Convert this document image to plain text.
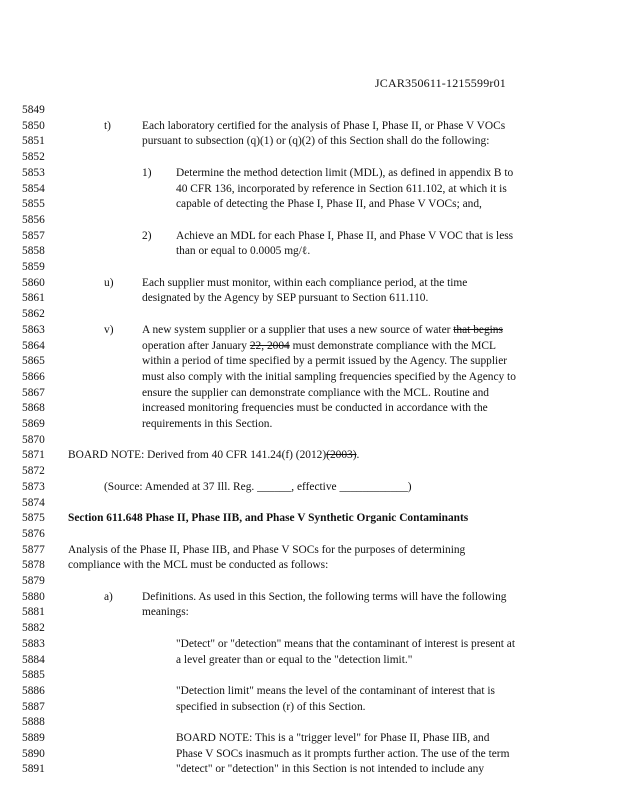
JCAR350611-1215599r01
5849
5850
5851
5852
5853
5854
5855
5856
5857
5858
5859
5860
5861
5862
5863
5864
5865
5866
5867
5868
5869
5870
5871
5872
5873
5874
5875
5876
5877
5878
5879
5880
5881
5882
5883
5884
5885
5886
5887
5888
5889
5890
5891
t)	Each laboratory certified for the analysis of Phase I, Phase II, or Phase V VOCs
pursuant to subsection (q)(1) or (q)(2) of this Section shall do the following:
1) Determine the method detection limit (MDL), as defined in appendix B to
40 CFR 136, incorporated by reference in Section 611.102, at which it is
capable of detecting the Phase I, Phase II, and Phase V VOCs; and,
2) Achieve an MDL for each Phase I, Phase II, and Phase V VOC that is less
than or equal to 0.0005 mg/ℓ.
u)	Each supplier must monitor, within each compliance period, at the time
designated by the Agency by SEP pursuant to Section 611.110.
v)	A new system supplier or a supplier that uses a new source of water that begins
operation after January 22, 2004 must demonstrate compliance with the MCL
within a period of time specified by a permit issued by the Agency. The supplier
must also comply with the initial sampling frequencies specified by the Agency to
ensure the supplier can demonstrate compliance with the MCL. Routine and
increased monitoring frequencies must be conducted in accordance with the
requirements in this Section.
BOARD NOTE: Derived from 40 CFR 141.24(f) (2012)(2003).
(Source: Amended at 37 Ill. Reg. ______, effective ____________)
Section 611.648 Phase II, Phase IIB, and Phase V Synthetic Organic Contaminants
Analysis of the Phase II, Phase IIB, and Phase V SOCs for the purposes of determining
compliance with the MCL must be conducted as follows:
a)	Definitions. As used in this Section, the following terms will have the following
meanings:
"Detect" or "detection" means that the contaminant of interest is present at
a level greater than or equal to the "detection limit."
"Detection limit" means the level of the contaminant of interest that is
specified in subsection (r) of this Section.
BOARD NOTE: This is a "trigger level" for Phase II, Phase IIB, and
Phase V SOCs inasmuch as it prompts further action. The use of the term
"detect" or "detection" in this Section is not intended to include any
